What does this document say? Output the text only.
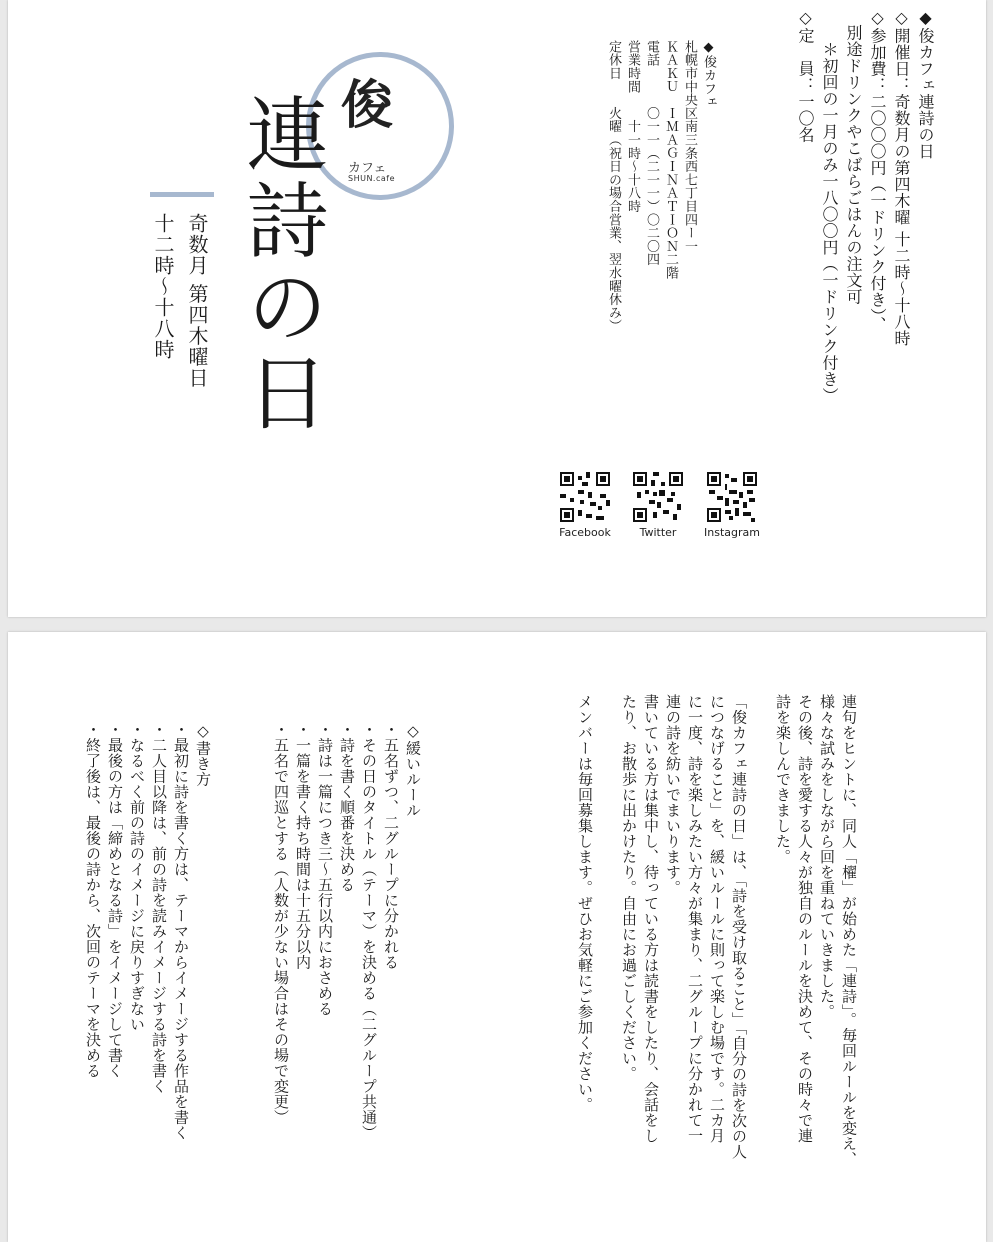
◆俊カフェ連詩の日
◇開催日：奇数月の第四木曜 十二時〜十八時
◇参加費：二〇〇〇円（一ドリンク付き）、
　別途ドリンクやこばらごはんの注文可
　　＊初回の一月のみ一八〇〇円（一ドリンク付き）
◇定　員：一〇名
◆俊カフェ
札幌市中央区南三条西七丁目四ー一
ＫＡＫＵ　ＩＭＡＧＩＮＡＴＩＯＮ二階
電話　　　〇一一（二一一）〇二〇四
営業時間　　十一時〜十八時
定休日　　火曜（祝日の場合営業、翌水曜休み）
Instagram
Twitter
Facebook
俊
カフェ
SHUN.cafe
連詩の日
奇数月 第四木曜日
十二時〜十八時
連句をヒントに、同人「櫂」が始めた「連詩」。毎回ルールを変え、
様々な試みをしながら回を重ねていきました。
その後、詩を愛する人々が独自のルールを決めて、その時々で連
詩を楽しんできました。
「俊カフェ連詩の日」は、「詩を受け取ること」「自分の詩を次の人
につなげること」を、緩いルールに則って楽しむ場です。二カ月
に一度、詩を楽しみたい方々が集まり、二グループに分かれて一
連の詩を紡いでまいります。
書いている方は集中し、待っている方は読書をしたり、会話をし
たり、お散歩に出かけたり。自由にお過ごしください。
メンバーは毎回募集します。ぜひお気軽にご参加ください。
◇緩いルール
・五名ずつ、二グループに分かれる
・その日のタイトル（テーマ）を決める（二グループ共通）
・詩を書く順番を決める
・詩は一篇につき三〜五行以内におさめる
・一篇を書く持ち時間は十五分以内
・五名で四巡とする（人数が少ない場合はその場で変更）
◇書き方
・最初に詩を書く方は、テーマからイメージする作品を書く
・二人目以降は、前の詩を読みイメージする詩を書く
・なるべく前の詩のイメージに戻りすぎない
・最後の方は「締めとなる詩」をイメージして書く
・終了後は、最後の詩から、次回のテーマを決める
